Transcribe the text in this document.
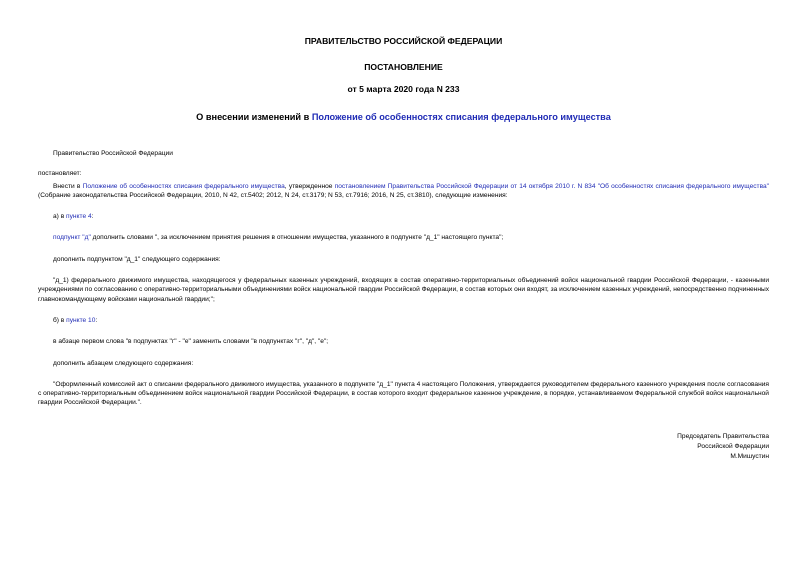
ПРАВИТЕЛЬСТВО РОССИЙСКОЙ ФЕДЕРАЦИИ
ПОСТАНОВЛЕНИЕ
от 5 марта 2020 года N 233
О внесении изменений в Положение об особенностях списания федерального имущества
Правительство Российской Федерации
постановляет:
Внести в Положение об особенностях списания федерального имущества, утвержденное постановлением Правительства Российской Федерации от 14 октября 2010 г. N 834 "Об особенностях списания федерального имущества" (Собрание законодательства Российской Федерации, 2010, N 42, ст.5402; 2012, N 24, ст.3179; N 53, ст.7916; 2016, N 25, ст.3810), следующие изменения:
а) в пункте 4:
подпункт "д" дополнить словами ", за исключением принятия решения в отношении имущества, указанного в подпункте "д_1" настоящего пункта";
дополнить подпунктом "д_1" следующего содержания:
"д_1) федерального движимого имущества, находящегося у федеральных казенных учреждений, входящих в состав оперативно-территориальных объединений войск национальной гвардии Российской Федерации, - казенными учреждениями по согласованию с оперативно-территориальными объединениями войск национальной гвардии Российской Федерации, в состав которых они входят, за исключением казенных учреждений, непосредственно подчиненных главнокомандующему войсками национальной гвардии;";
б) в пункте 10:
в абзаце первом слова "в подпунктах "г" - "е" заменить словами "в подпунктах "г", "д", "е";
дополнить абзацем следующего содержания:
"Оформленный комиссией акт о списании федерального движимого имущества, указанного в подпункте "д_1" пункта 4 настоящего Положения, утверждается руководителем федерального казенного учреждения после согласования с оперативно-территориальным объединением войск национальной гвардии Российской Федерации, в состав которого входит федеральное казенное учреждение, в порядке, устанавливаемом Федеральной службой войск национальной гвардии Российской Федерации.".
Председатель Правительства
Российской Федерации
М.Мишустин
